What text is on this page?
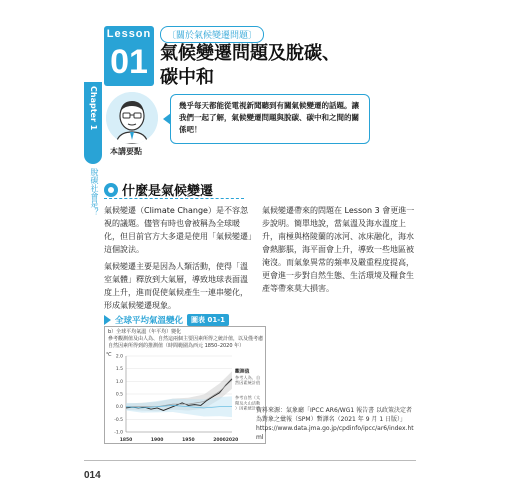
Lesson
01
〔關於氣候變遷問題〕
氣候變遷問題及脫碳、
碳中和
Chapter 1
脫碳社會是？
本講要點
幾乎每天都能從電視新聞聽到有關氣候變遷的話題。讓我們一起了解，氣候變遷問題與脫碳、碳中和之間的關係吧！
什麼是氣候變遷

氣候變遷（Climate Change）是不容忽視的議題。儘管有時也會被稱為全球暖化，但目前官方大多還是使用「氣候變遷」這個說法。

氣候變遷主要是因為人類活動，使得「溫室氣體」釋放到大氣層，導致地球表面溫度上升，進而促使氣候產生一連串變化，形成氣候變遷現象。

氣候變遷帶來的問題在 Lesson 3 會更進一步說明。簡單地說，當氣溫及海水溫度上升，南極與格陵蘭的冰河、冰床融化，海水會熱膨脹，海平面會上升，導致一些地區被淹沒。而氣象異常的頻率及嚴重程度提高，更會進一步對自然生態、生活環境及糧食生產等帶來莫大損害。

全球平均氣溫變化	圖表 01-1
b）全球平均氣溫（年平均）變化
參考觀測值及由人為、自然這兩個主要因素所得之統計值，以及僅考慮自然因素所得到的推測值（時間範圍為西元 1850–2020 年）
℃ 2.0
1.5
1.0
0.5
0.0
-0.5
-1.0
1850	1900	1950	2000 2020
觀測值
參考人為、自
然因素統計值
參考自然（太
陽及火山活動
）因素統計值
資料來源：氣象廳「IPCC AR6/WG1 報告書 以政策決定者為對象之彙報（SPM）暫譯名（2021 年 9 月 1 日版）」
https://www.data.jma.go.jp/cpdinfo/ipcc/ar6/index.html
014
